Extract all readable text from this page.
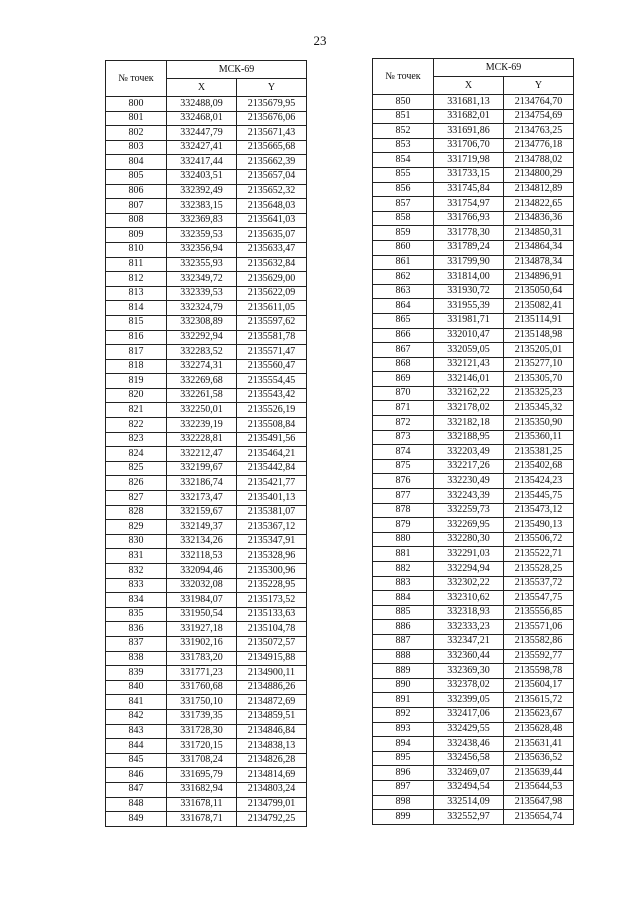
23
№ точек	МСК-69	
	X	Y
800	332488,09	2135679,95
801	332468,01	2135676,06
802	332447,79	2135671,43
803	332427,41	2135665,68
804	332417,44	2135662,39
805	332403,51	2135657,04
806	332392,49	2135652,32
807	332383,15	2135648,03
808	332369,83	2135641,03
809	332359,53	2135635,07
810	332356,94	2135633,47
811	332355,93	2135632,84
812	332349,72	2135629,00
813	332339,53	2135622,09
814	332324,79	2135611,05
815	332308,89	2135597,62
816	332292,94	2135581,78
817	332283,52	2135571,47
818	332274,31	2135560,47
819	332269,68	2135554,45
820	332261,58	2135543,42
821	332250,01	2135526,19
822	332239,19	2135508,84
823	332228,81	2135491,56
824	332212,47	2135464,21
825	332199,67	2135442,84
826	332186,74	2135421,77
827	332173,47	2135401,13
828	332159,67	2135381,07
829	332149,37	2135367,12
830	332134,26	2135347,91
831	332118,53	2135328,96
832	332094,46	2135300,96
833	332032,08	2135228,95
834	331984,07	2135173,52
835	331950,54	2135133,63
836	331927,18	2135104,78
837	331902,16	2135072,57
838	331783,20	2134915,88
839	331771,23	2134900,11
840	331760,68	2134886,26
841	331750,10	2134872,69
842	331739,35	2134859,51
843	331728,30	2134846,84
844	331720,15	2134838,13
845	331708,24	2134826,28
846	331695,79	2134814,69
847	331682,94	2134803,24
848	331678,11	2134799,01
849	331678,71	2134792,25
№ точек	МСК-69	
	X	Y
850	331681,13	2134764,70
851	331682,01	2134754,69
852	331691,86	2134763,25
853	331706,70	2134776,18
854	331719,98	2134788,02
855	331733,15	2134800,29
856	331745,84	2134812,89
857	331754,97	2134822,65
858	331766,93	2134836,36
859	331778,30	2134850,31
860	331789,24	2134864,34
861	331799,90	2134878,34
862	331814,00	2134896,91
863	331930,72	2135050,64
864	331955,39	2135082,41
865	331981,71	2135114,91
866	332010,47	2135148,98
867	332059,05	2135205,01
868	332121,43	2135277,10
869	332146,01	2135305,70
870	332162,22	2135325,23
871	332178,02	2135345,32
872	332182,18	2135350,90
873	332188,95	2135360,11
874	332203,49	2135381,25
875	332217,26	2135402,68
876	332230,49	2135424,23
877	332243,39	2135445,75
878	332259,73	2135473,12
879	332269,95	2135490,13
880	332280,30	2135506,72
881	332291,03	2135522,71
882	332294,94	2135528,25
883	332302,22	2135537,72
884	332310,62	2135547,75
885	332318,93	2135556,85
886	332333,23	2135571,06
887	332347,21	2135582,86
888	332360,44	2135592,77
889	332369,30	2135598,78
890	332378,02	2135604,17
891	332399,05	2135615,72
892	332417,06	2135623,67
893	332429,55	2135628,48
894	332438,46	2135631,41
895	332456,58	2135636,52
896	332469,07	2135639,44
897	332494,54	2135644,53
898	332514,09	2135647,98
899	332552,97	2135654,74
